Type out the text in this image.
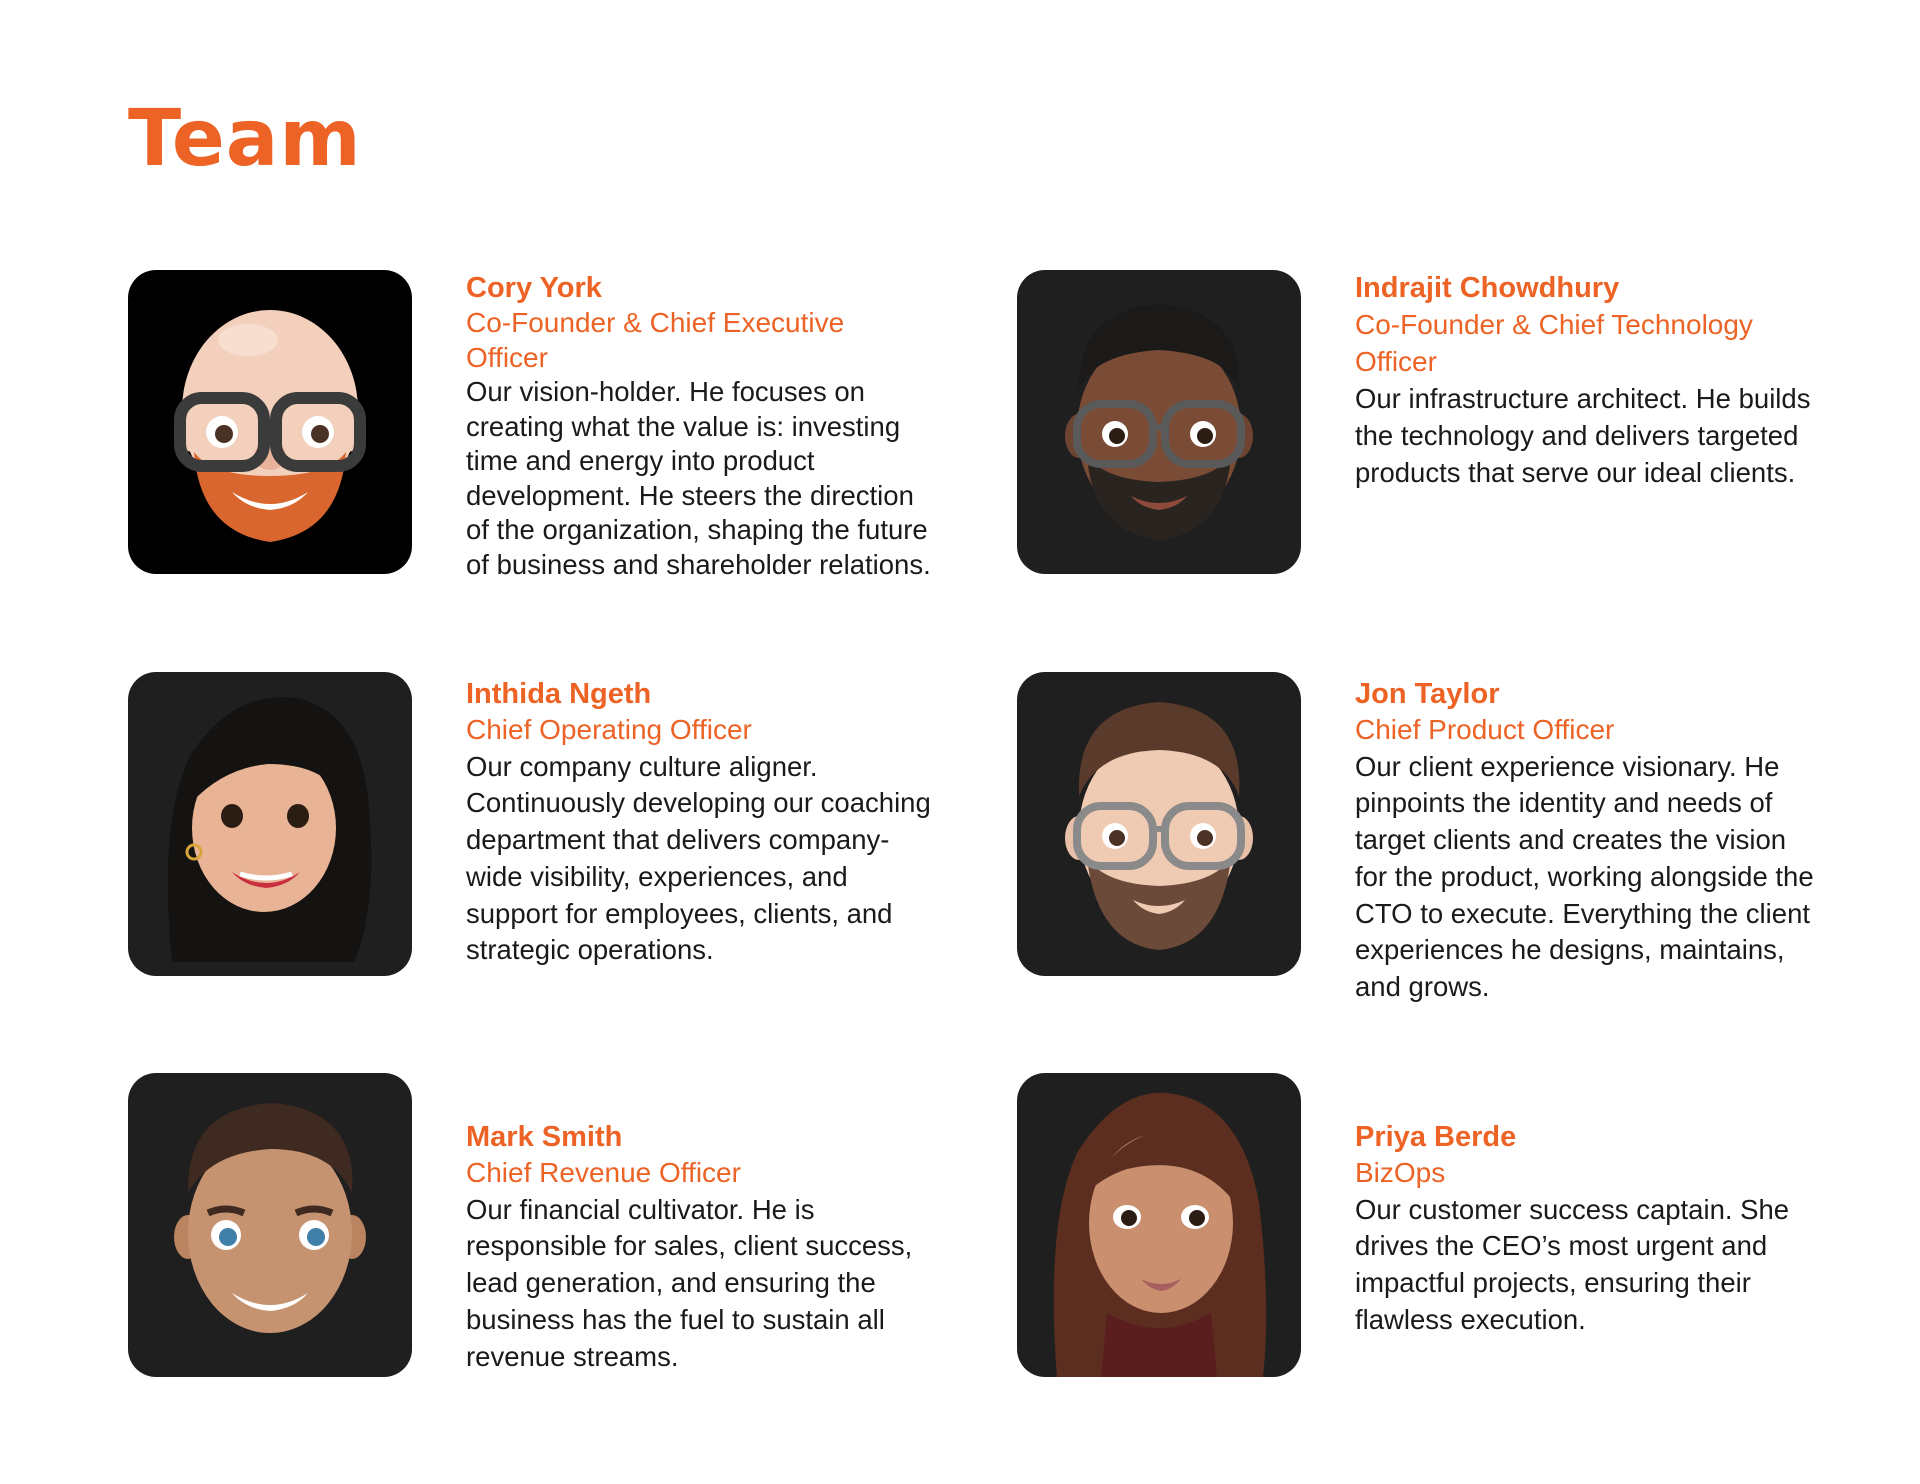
Team
Cory York
Co-Founder & Chief Executive Officer
Our vision-holder. He focuses on creating what the value is: investing time and energy into product development. He steers the direction of the organization, shaping the future of business and shareholder relations.
Indrajit Chowdhury
Co-Founder & Chief Technology Officer
Our infrastructure architect. He builds the technology and delivers targeted products that serve our ideal clients.
Inthida Ngeth
Chief Operating Officer
Our company culture aligner. Continuously developing our coaching department that delivers company-wide visibility, experiences, and support for employees, clients, and strategic operations.
Jon Taylor
Chief Product Officer
Our client experience visionary. He pinpoints the identity and needs of target clients and creates the vision for the product, working alongside the CTO to execute. Everything the client experiences he designs, maintains, and grows.
Mark Smith
Chief Revenue Officer
Our financial cultivator. He is responsible for sales, client success, lead generation, and ensuring the business has the fuel to sustain all revenue streams.
Priya Berde
BizOps
Our customer success captain. She drives the CEO’s most urgent and impactful projects, ensuring their flawless execution.
